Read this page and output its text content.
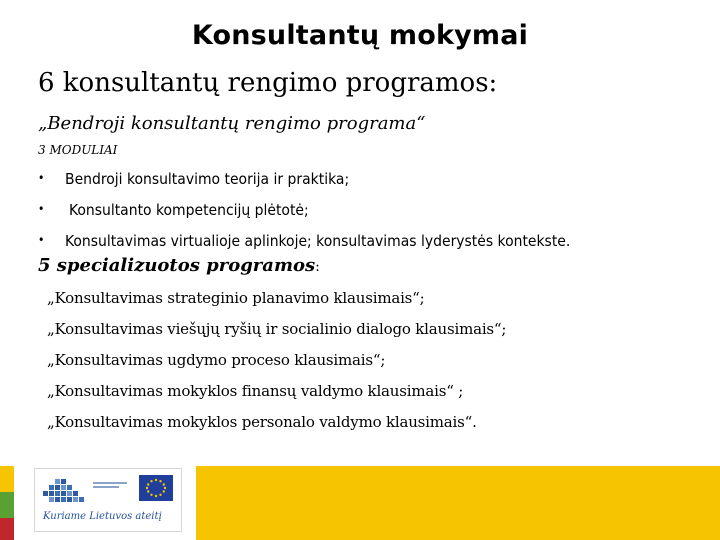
Konsultantų mokymai
6 konsultantų rengimo programos:
„Bendroji konsultantų rengimo programa“
3 MODULIAI
• Bendroji konsultavimo teorija ir praktika;
• Konsultanto kompetencijų plėtotė;
• Konsultavimas virtualioje aplinkoje; konsultavimas lyderystės kontekste.
5 specializuotos programos:
„Konsultavimas strateginio planavimo klausimais“;
„Konsultavimas viešųjų ryšių ir socialinio dialogo klausimais“;
„Konsultavimas ugdymo proceso klausimais“;
„Konsultavimas mokyklos finansų valdymo klausimais“ ;
„Konsultavimas mokyklos personalo valdymo klausimais“.
Kuriame Lietuvos ateitį
